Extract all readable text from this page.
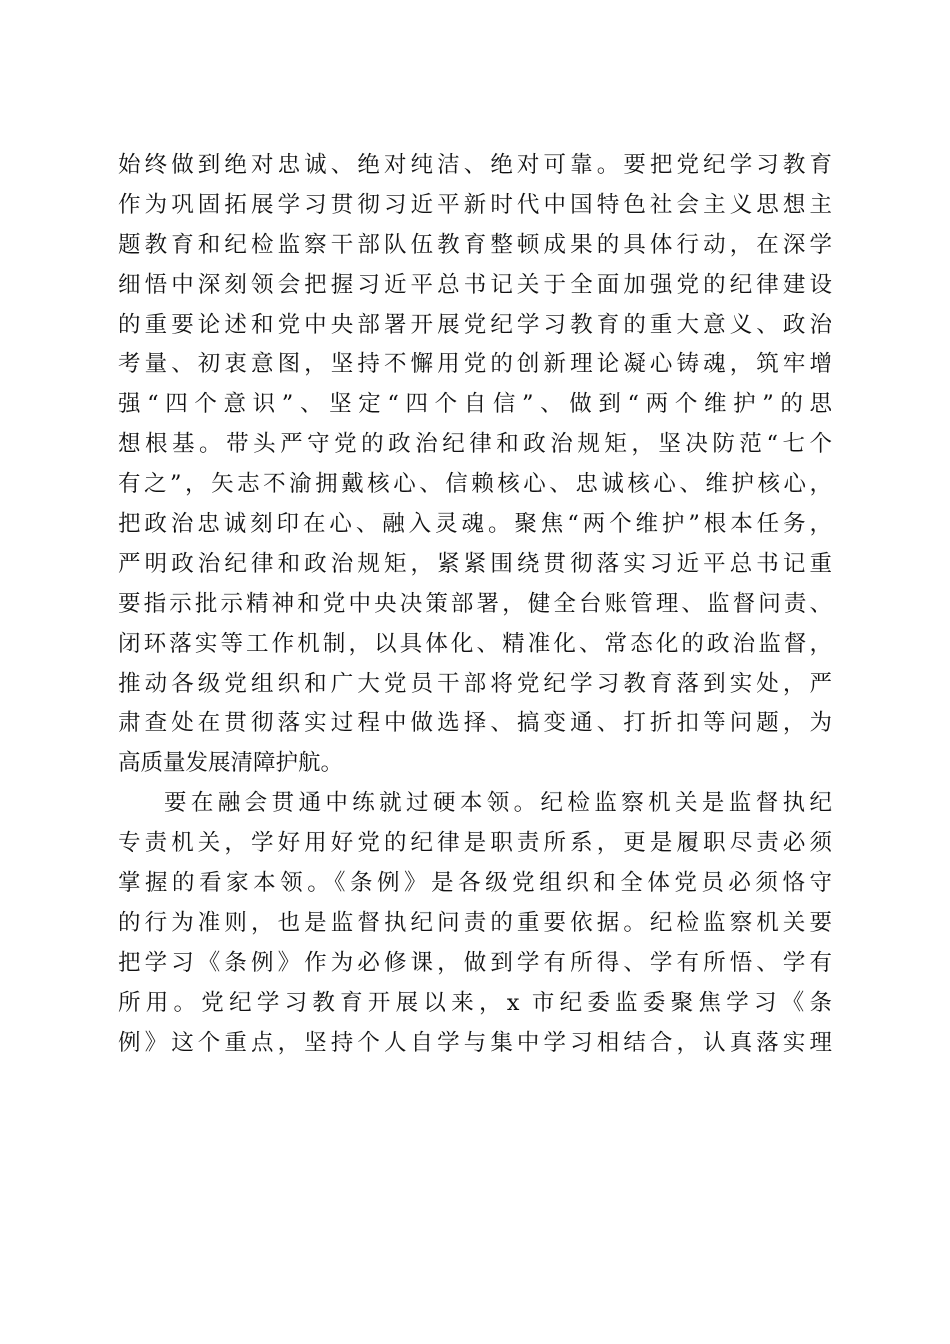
始终做到绝对忠诚、绝对纯洁、绝对可靠。要把党纪学习教育
作为巩固拓展学习贯彻习近平新时代中国特色社会主义思想主
题教育和纪检监察干部队伍教育整顿成果的具体行动，在深学
细悟中深刻领会把握习近平总书记关于全面加强党的纪律建设
的重要论述和党中央部署开展党纪学习教育的重大意义、政治
考量、初衷意图，坚持不懈用党的创新理论凝心铸魂，筑牢增
强“四个意识”、坚定“四个自信”、做到“两个维护”的思
想根基。带头严守党的政治纪律和政治规矩，坚决防范“七个
有之”，矢志不渝拥戴核心、信赖核心、忠诚核心、维护核心，
把政治忠诚刻印在心、融入灵魂。聚焦“两个维护”根本任务，
严明政治纪律和政治规矩，紧紧围绕贯彻落实习近平总书记重
要指示批示精神和党中央决策部署，健全台账管理、监督问责、
闭环落实等工作机制，以具体化、精准化、常态化的政治监督，
推动各级党组织和广大党员干部将党纪学习教育落到实处，严
肃查处在贯彻落实过程中做选择、搞变通、打折扣等问题，为
高质量发展清障护航。
要在融会贯通中练就过硬本领。纪检监察机关是监督执纪
专责机关，学好用好党的纪律是职责所系，更是履职尽责必须
掌握的看家本领。《条例》是各级党组织和全体党员必须恪守
的行为准则，也是监督执纪问责的重要依据。纪检监察机关要
把学习《条例》作为必修课，做到学有所得、学有所悟、学有
所用。党纪学习教育开展以来，x 市纪委监委聚焦学习《条
例》这个重点，坚持个人自学与集中学习相结合，认真落实理
